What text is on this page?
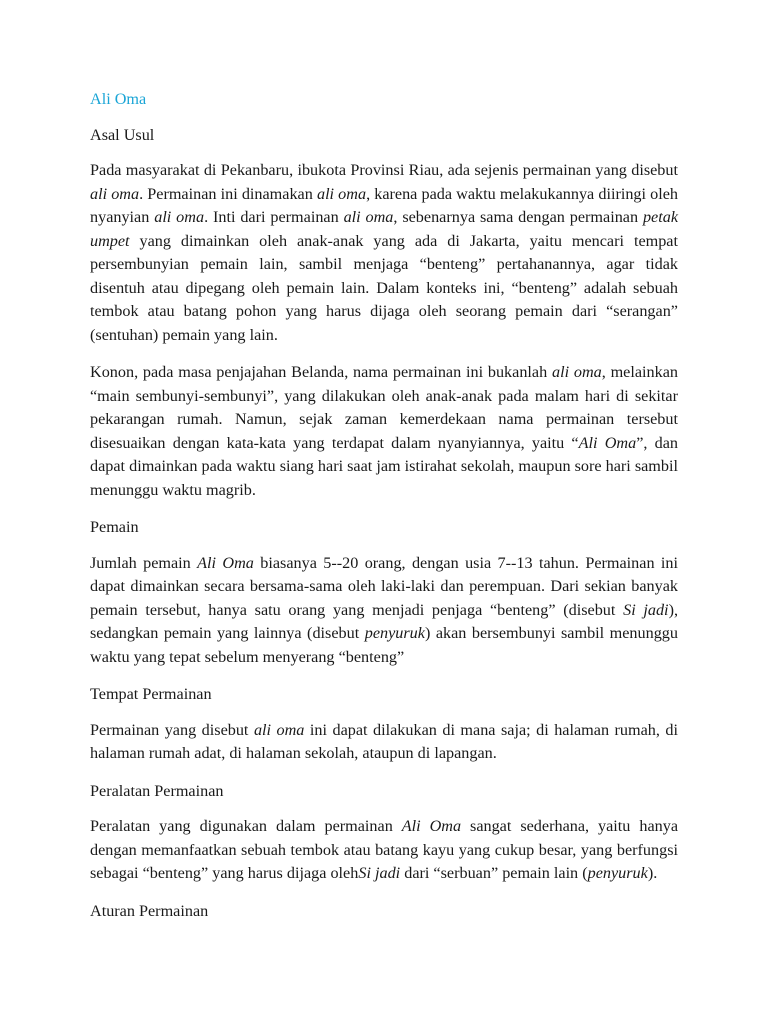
Ali Oma
Asal Usul

Pada masyarakat di Pekanbaru, ibukota Provinsi Riau, ada sejenis permainan yang disebut ali oma. Permainan ini dinamakan ali oma, karena pada waktu melakukannya diiringi oleh nyanyian ali oma. Inti dari permainan ali oma, sebenarnya sama dengan permainan petak umpet yang dimainkan oleh anak-anak yang ada di Jakarta, yaitu mencari tempat persembunyian pemain lain, sambil menjaga “benteng” pertahanannya, agar tidak disentuh atau dipegang oleh pemain lain. Dalam konteks ini, “benteng” adalah sebuah tembok atau batang pohon yang harus dijaga oleh seorang pemain dari “serangan” (sentuhan) pemain yang lain.

Konon, pada masa penjajahan Belanda, nama permainan ini bukanlah ali oma, melainkan “main sembunyi-sembunyi”, yang dilakukan oleh anak-anak pada malam hari di sekitar pekarangan rumah. Namun, sejak zaman kemerdekaan nama permainan tersebut disesuaikan dengan kata-kata yang terdapat dalam nyanyiannya, yaitu “Ali Oma”, dan dapat dimainkan pada waktu siang hari saat jam istirahat sekolah, maupun sore hari sambil menunggu waktu magrib.

Pemain

Jumlah pemain Ali Oma biasanya 5--20 orang, dengan usia 7--13 tahun. Permainan ini dapat dimainkan secara bersama-sama oleh laki-laki dan perempuan. Dari sekian banyak pemain tersebut, hanya satu orang yang menjadi penjaga “benteng” (disebut Si jadi), sedangkan pemain yang lainnya (disebut penyuruk) akan bersembunyi sambil menunggu waktu yang tepat sebelum menyerang “benteng”

Tempat Permainan

Permainan yang disebut ali oma ini dapat dilakukan di mana saja; di halaman rumah, di halaman rumah adat, di halaman sekolah, ataupun di lapangan.

Peralatan Permainan

Peralatan yang digunakan dalam permainan Ali Oma sangat sederhana, yaitu hanya dengan memanfaatkan sebuah tembok atau batang kayu yang cukup besar, yang berfungsi sebagai “benteng” yang harus dijaga olehSi jadi dari “serbuan” pemain lain (penyuruk).

Aturan Permainan
